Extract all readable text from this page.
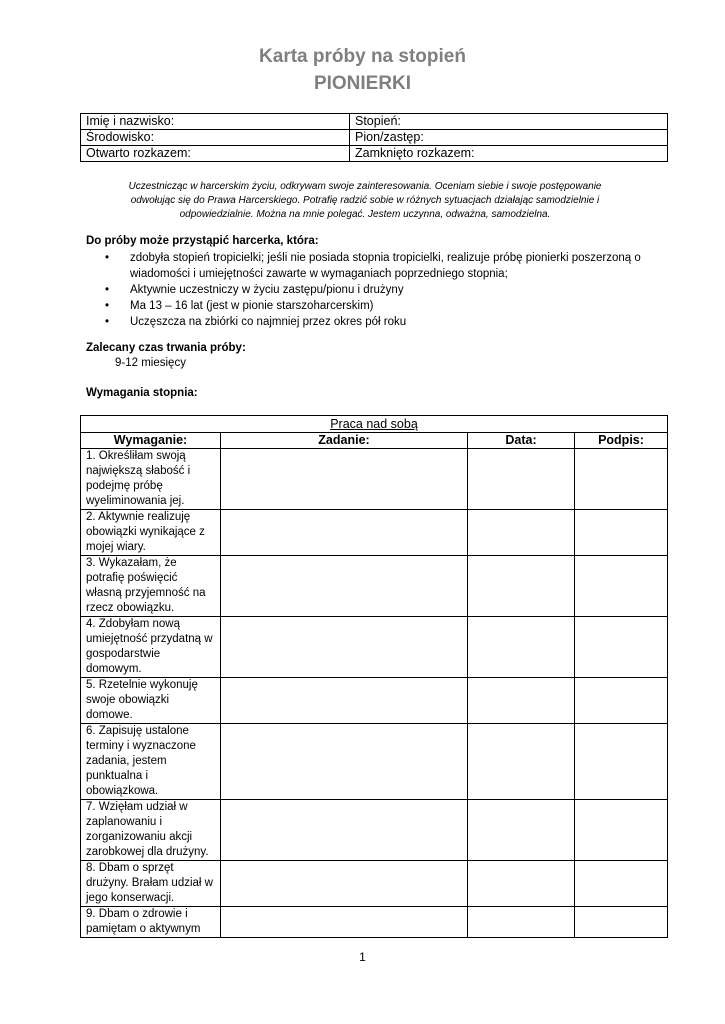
Karta próby na stopień
PIONIERKI
Imię i nazwisko:	Stopień:
Środowisko:	Pion/zastęp:
Otwarto rozkazem:	Zamknięto rozkazem:
Uczestnicząc w harcerskim życiu, odkrywam swoje zainteresowania. Oceniam siebie i swoje postępowanie
odwołując się do Prawa Harcerskiego. Potrafię radzić sobie w różnych sytuacjach działając samodzielnie i
odpowiedzialnie. Można na mnie polegać. Jestem uczynna, odważna, samodzielna.
Do próby może przystąpić harcerka, która:
• zdobyła stopień tropicielki; jeśli nie posiada stopnia tropicielki, realizuje próbę pionierki poszerzoną o wiadomości i umiejętności zawarte w wymaganiach poprzedniego stopnia;
• Aktywnie uczestniczy w życiu zastępu/pionu i drużyny
• Ma 13 – 16 lat (jest w pionie starszoharcerskim)
• Uczęszcza na zbiórki co najmniej przez okres pół roku
Zalecany czas trwania próby:
9-12 miesięcy
Wymagania stopnia:
Praca nad sobą			
Wymaganie:	Zadanie:	Data:	Podpis:

1. Określiłam swoją
największą słabość i
podejmę próbę
wyeliminowania jej.			

2. Aktywnie realizuję
obowiązki wynikające z
mojej wiary.			

3. Wykazałam, że
potrafię poświęcić
własną przyjemność na
rzecz obowiązku.			

4. Zdobyłam nową
umiejętność przydatną w
gospodarstwie
domowym.			

5. Rzetelnie wykonuję
swoje obowiązki
domowe.			

6. Zapisuję ustalone
terminy i wyznaczone
zadania, jestem
punktualna i
obowiązkowa.			

7. Wzięłam udział w
zaplanowaniu i
zorganizowaniu akcji
zarobkowej dla drużyny.			

8. Dbam o sprzęt
drużyny. Brałam udział w
jego konserwacji.			

9. Dbam o zdrowie i
pamiętam o aktywnym			

1
